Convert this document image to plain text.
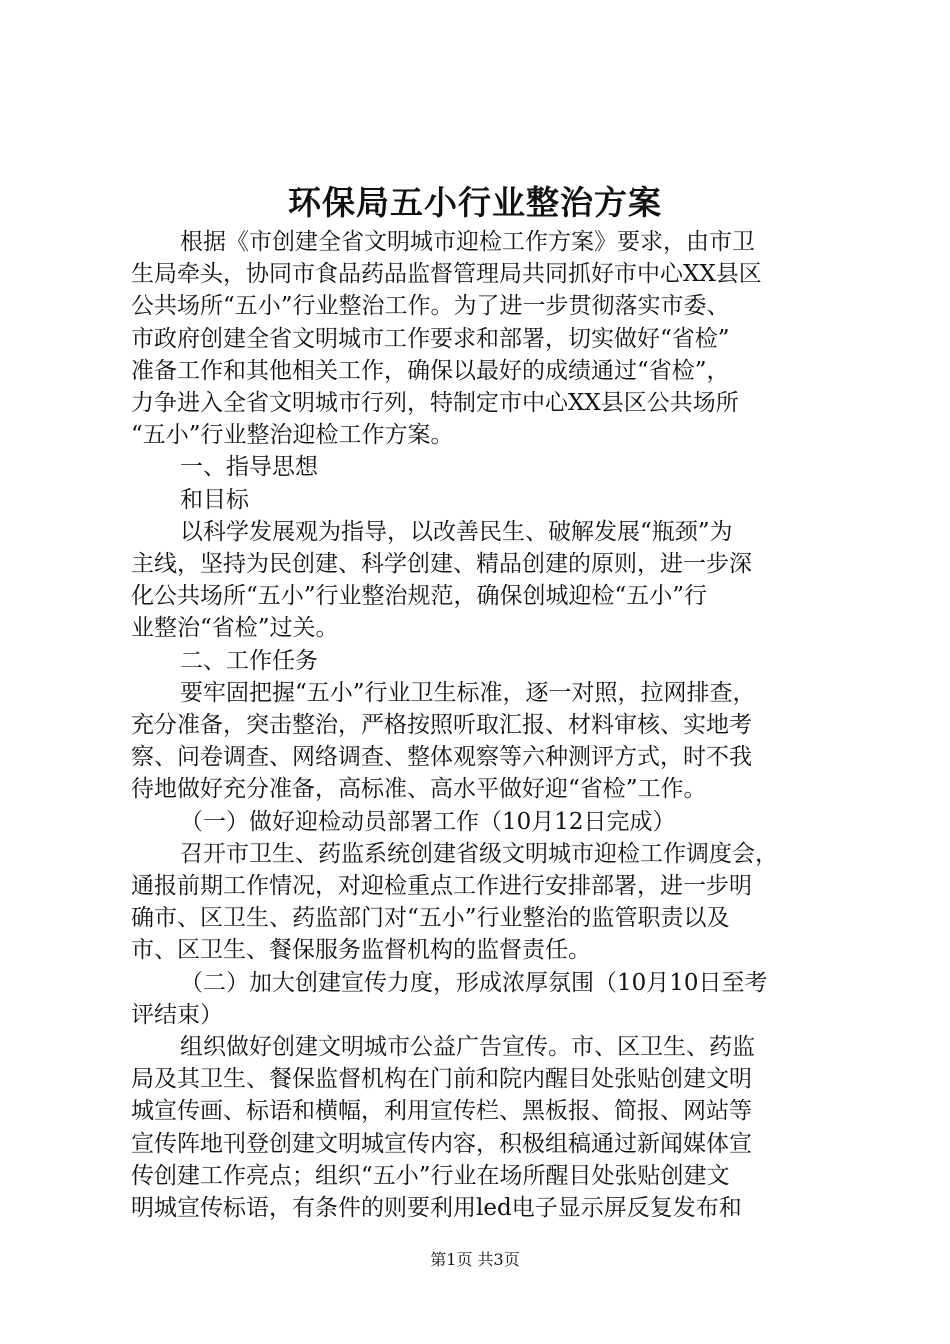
环保局五小行业整治方案
根据《市创建全省文明城市迎检工作方案》要求，由市卫
生局牵头，协同市食品药品监督管理局共同抓好市中心XX县区
公共场所“五小”行业整治工作。为了进一步贯彻落实市委、
市政府创建全省文明城市工作要求和部署，切实做好“省检”
准备工作和其他相关工作，确保以最好的成绩通过“省检”，
力争进入全省文明城市行列，特制定市中心XX县区公共场所
“五小”行业整治迎检工作方案。
一、指导思想
和目标
以科学发展观为指导，以改善民生、破解发展“瓶颈”为
主线，坚持为民创建、科学创建、精品创建的原则，进一步深
化公共场所“五小”行业整治规范，确保创城迎检“五小”行
业整治“省检”过关。
二、工作任务
要牢固把握“五小”行业卫生标准，逐一对照，拉网排查，
充分准备，突击整治，严格按照听取汇报、材料审核、实地考
察、问卷调查、网络调查、整体观察等六种测评方式，时不我
待地做好充分准备，高标准、高水平做好迎“省检”工作。
（一）做好迎检动员部署工作（10月12日完成）
召开市卫生、药监系统创建省级文明城市迎检工作调度会，
通报前期工作情况，对迎检重点工作进行安排部署，进一步明
确市、区卫生、药监部门对“五小”行业整治的监管职责以及
市、区卫生、餐保服务监督机构的监督责任。
（二）加大创建宣传力度，形成浓厚氛围（10月10日至考
评结束）
组织做好创建文明城市公益广告宣传。市、区卫生、药监
局及其卫生、餐保监督机构在门前和院内醒目处张贴创建文明
城宣传画、标语和横幅，利用宣传栏、黑板报、简报、网站等
宣传阵地刊登创建文明城宣传内容，积极组稿通过新闻媒体宣
传创建工作亮点；组织“五小”行业在场所醒目处张贴创建文
明城宣传标语，有条件的则要利用led电子显示屏反复发布和
第1页 共3页
